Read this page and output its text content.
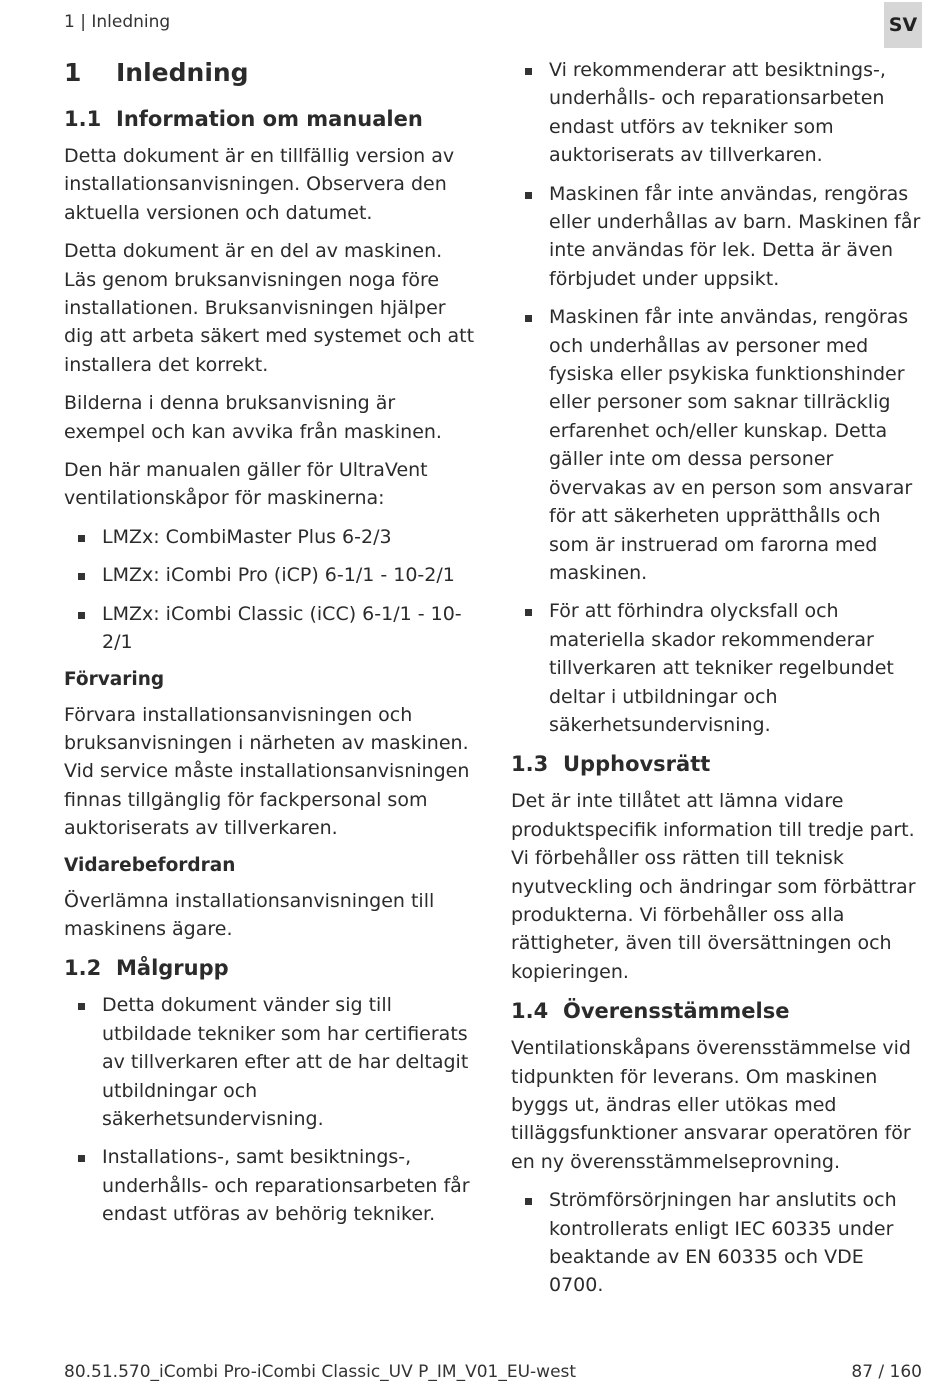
1 | Inledning	SV
1 Inledning
1.1 Information om manualen

Detta dokument är en tillfällig version av installationsanvisningen. Observera den aktuella versionen och datumet.

Detta dokument är en del av maskinen. Läs genom bruksanvisningen noga före installationen. Bruksanvisningen hjälper dig att arbeta säkert med systemet och att installera det korrekt.

Bilderna i denna bruksanvisning är exempel och kan avvika från maskinen.

Den här manualen gäller för UltraVent ventilationskåpor för maskinerna:

LMZx: CombiMaster Plus 6-2/3
LMZx: iCombi Pro (iCP) 6-1/1 - 10-2/1
LMZx: iCombi Classic (iCC) 6-1/1 - 10-2/1
Förvaring

Förvara installationsanvisningen och bruksanvisningen i närheten av maskinen. Vid service måste installationsanvisningen finnas tillgänglig för fackpersonal som auktoriserats av tillverkaren.

Vidarebefordran

Överlämna installationsanvisningen till maskinens ägare.

1.2 Målgrupp
Detta dokument vänder sig till utbildade tekniker som har certifierats av tillverkaren efter att de har deltagit utbildningar och säkerhetsundervisning.
Installations-, samt besiktnings-, underhålls- och reparationsarbeten får endast utföras av behörig tekniker.
Vi rekommenderar att besiktnings-, underhålls- och reparationsarbeten endast utförs av tekniker som auktoriserats av tillverkaren.
Maskinen får inte användas, rengöras eller underhållas av barn. Maskinen får inte användas för lek. Detta är även förbjudet under uppsikt.
Maskinen får inte användas, rengöras och underhållas av personer med fysiska eller psykiska funktionshinder eller personer som saknar tillräcklig erfarenhet och/eller kunskap. Detta gäller inte om dessa personer övervakas av en person som ansvarar för att säkerheten upprätthålls och som är instruerad om farorna med maskinen.
För att förhindra olycksfall och materiella skador rekommenderar tillverkaren att tekniker regelbundet deltar i utbildningar och säkerhetsundervisning.
1.3 Upphovsrätt

Det är inte tillåtet att lämna vidare produktspecifik information till tredje part. Vi förbehåller oss rätten till teknisk nyutveckling och ändringar som förbättrar produkterna. Vi förbehåller oss alla rättigheter, även till översättningen och kopieringen.

1.4 Överensstämmelse

Ventilationskåpans överensstämmelse vid tidpunkten för leverans. Om maskinen byggs ut, ändras eller utökas med tilläggsfunktioner ansvarar operatören för en ny överensstämmelseprovning.

Strömförsörjningen har anslutits och kontrollerats enligt IEC 60335 under beaktande av EN 60335 och VDE 0700.
80.51.570_iCombi Pro-iCombi Classic_UV P_IM_V01_EU-west	87 / 160
